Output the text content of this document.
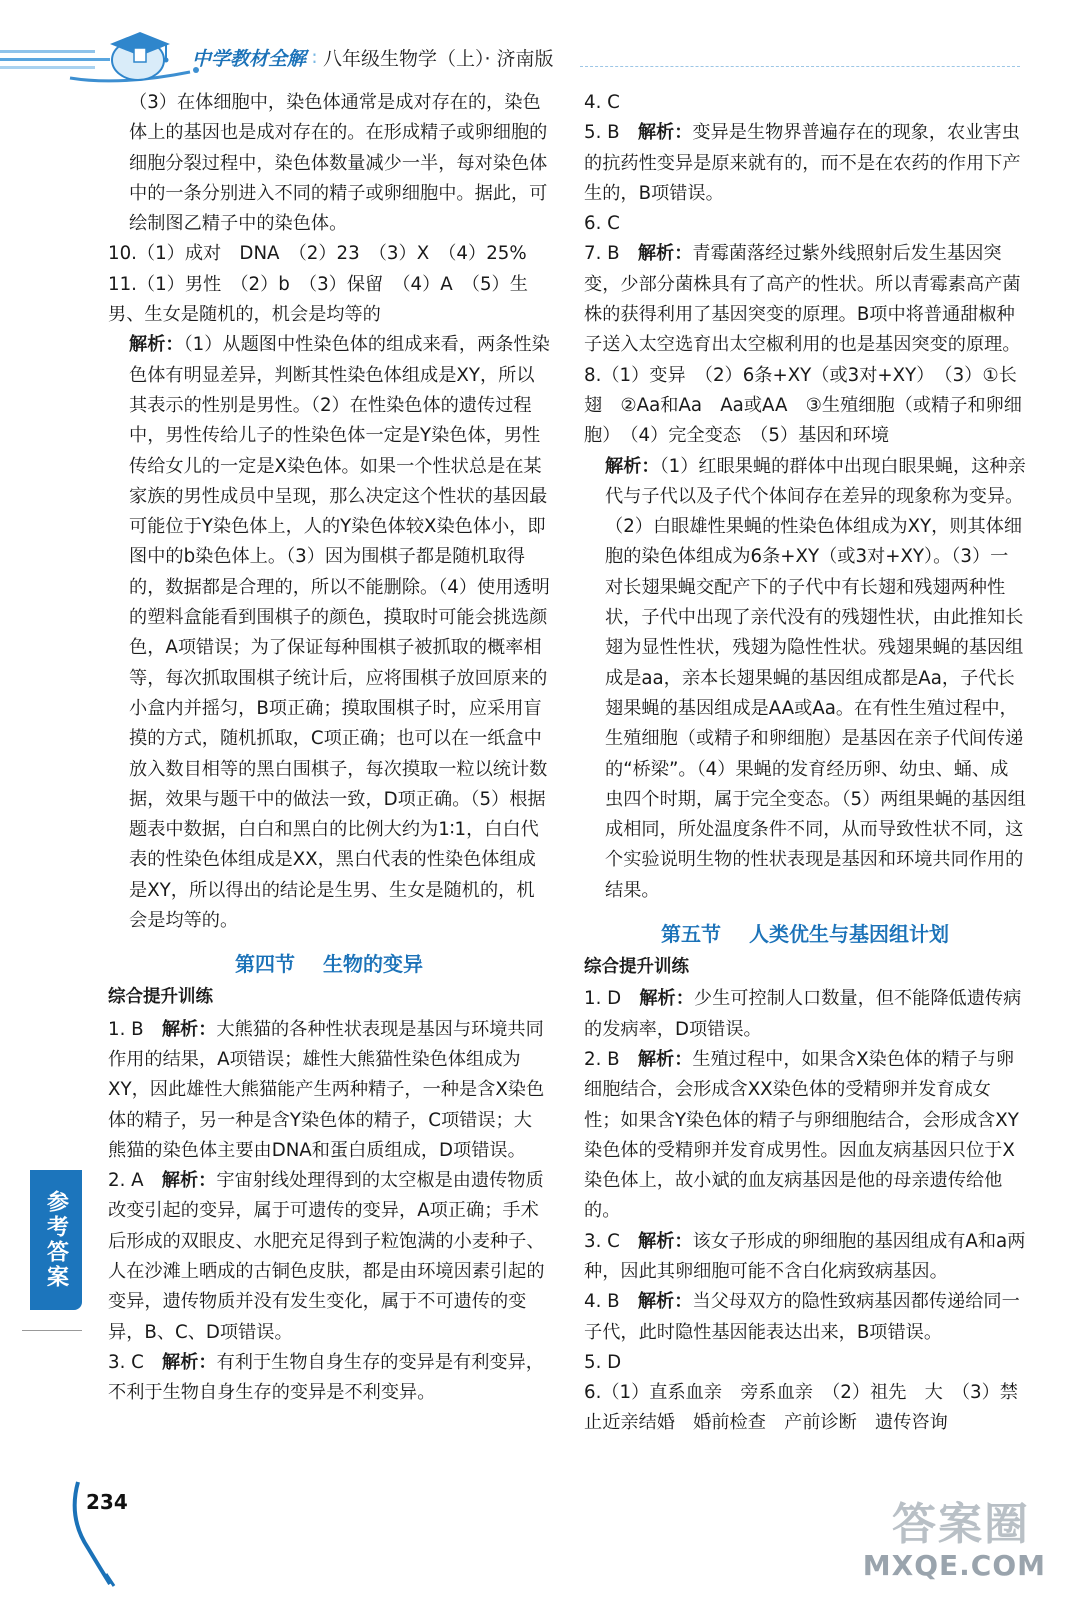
中学教材全解 ∶ 八年级生物学（上）· 济南版

（3）在体细胞中，染色体通常是成对存在的，染色体上的基因也是成对存在的。在形成精子或卵细胞的细胞分裂过程中，染色体数量减少一半，每对染色体中的一条分别进入不同的精子或卵细胞中。据此，可绘制图乙精子中的染色体。

10.（1）成对　DNA　（2）23　（3）X　（4）25%

11.（1）男性　（2）b　（3）保留　（4）A　（5）生男、生女是随机的，机会是均等的

解析：（1）从题图中性染色体的组成来看，两条性染色体有明显差异，判断其性染色体组成是XY，所以其表示的性别是男性。（2）在性染色体的遗传过程中，男性传给儿子的性染色体一定是Y染色体，男性传给女儿的一定是X染色体。如果一个性状总是在某家族的男性成员中呈现，那么决定这个性状的基因最可能位于Y染色体上，人的Y染色体较X染色体小，即图中的b染色体上。（3）因为围棋子都是随机取得的，数据都是合理的，所以不能删除。（4）使用透明的塑料盒能看到围棋子的颜色，摸取时可能会挑选颜色，A项错误；为了保证每种围棋子被抓取的概率相等，每次抓取围棋子统计后，应将围棋子放回原来的小盒内并摇匀，B项正确；摸取围棋子时，应采用盲摸的方式，随机抓取，C项正确；也可以在一纸盒中放入数目相等的黑白围棋子，每次摸取一粒以统计数据，效果与题干中的做法一致，D项正确。（5）根据题表中数据，白白和黑白的比例大约为1∶1，白白代表的性染色体组成是XX，黑白代表的性染色体组成是XY，所以得出的结论是生男、生女是随机的，机会是均等的。

第四节 生物的变异
综合提升训练

1. B　解析：大熊猫的各种性状表现是基因与环境共同作用的结果，A项错误；雄性大熊猫性染色体组成为XY，因此雄性大熊猫能产生两种精子，一种是含X染色体的精子，另一种是含Y染色体的精子，C项错误；大熊猫的染色体主要由DNA和蛋白质组成，D项错误。

2. A　解析：宇宙射线处理得到的太空椒是由遗传物质改变引起的变异，属于可遗传的变异，A项正确；手术后形成的双眼皮、水肥充足得到子粒饱满的小麦种子、人在沙滩上晒成的古铜色皮肤，都是由环境因素引起的变异，遗传物质并没有发生变化，属于不可遗传的变异，B、C、D项错误。

3. C　解析：有利于生物自身生存的变异是有利变异，不利于生物自身生存的变异是不利变异。

4. C

5. B　解析：变异是生物界普遍存在的现象，农业害虫的抗药性变异是原来就有的，而不是在农药的作用下产生的，B项错误。

6. C

7. B　解析：青霉菌落经过紫外线照射后发生基因突变，少部分菌株具有了高产的性状。所以青霉素高产菌株的获得利用了基因突变的原理。B项中将普通甜椒种子送入太空选育出太空椒利用的也是基因突变的原理。

8.（1）变异　（2）6条+XY（或3对+XY）　（3）①长翅　②Aa和Aa　Aa或AA　③生殖细胞（或精子和卵细胞）　（4）完全变态　（5）基因和环境

解析：（1）红眼果蝇的群体中出现白眼果蝇，这种亲代与子代以及子代个体间存在差异的现象称为变异。（2）白眼雄性果蝇的性染色体组成为XY，则其体细胞的染色体组成为6条+XY（或3对+XY）。（3）一对长翅果蝇交配产下的子代中有长翅和残翅两种性状，子代中出现了亲代没有的残翅性状，由此推知长翅为显性性状，残翅为隐性性状。残翅果蝇的基因组成是aa，亲本长翅果蝇的基因组成都是Aa，子代长翅果蝇的基因组成是AA或Aa。在有性生殖过程中，生殖细胞（或精子和卵细胞）是基因在亲子代间传递的“桥梁”。（4）果蝇的发育经历卵、幼虫、蛹、成虫四个时期，属于完全变态。（5）两组果蝇的基因组成相同，所处温度条件不同，从而导致性状不同，这个实验说明生物的性状表现是基因和环境共同作用的结果。

第五节 人类优生与基因组计划
综合提升训练

1. D　解析：少生可控制人口数量，但不能降低遗传病的发病率，D项错误。

2. B　解析：生殖过程中，如果含X染色体的精子与卵细胞结合，会形成含XX染色体的受精卵并发育成女性；如果含Y染色体的精子与卵细胞结合，会形成含XY染色体的受精卵并发育成男性。因血友病基因只位于X染色体上，故小斌的血友病基因是他的母亲遗传给他的。

3. C　解析：该女子形成的卵细胞的基因组成有A和a两种，因此其卵细胞可能不含白化病致病基因。

4. B　解析：当父母双方的隐性致病基因都传递给同一子代，此时隐性基因能表达出来，B项错误。

5. D

6.（1）直系血亲　旁系血亲　（2）祖先　大　（3）禁止近亲结婚　婚前检查　产前诊断　遗传咨询

参考答案
234	答案圈
MXQE.COM
